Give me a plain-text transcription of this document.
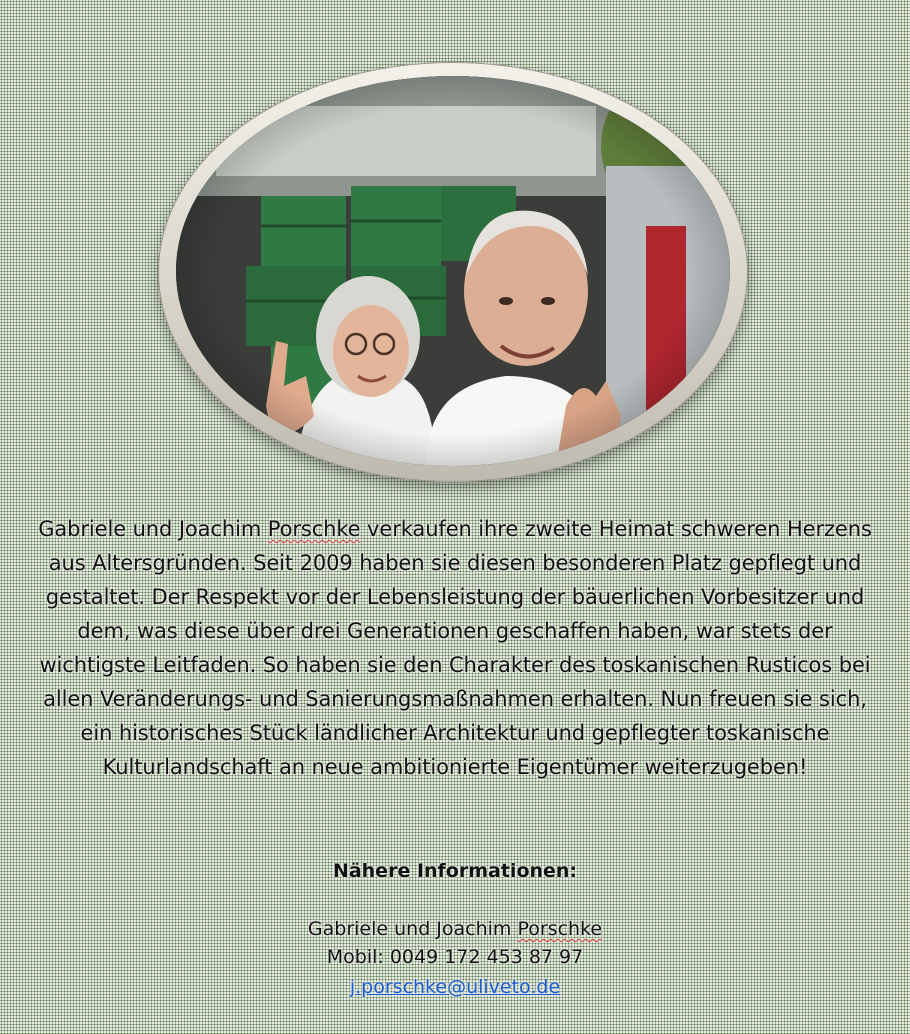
Gabriele und Joachim Porschke verkaufen ihre zweite Heimat schweren Herzens aus Altersgründen. Seit 2009 haben sie diesen besonderen Platz gepflegt und gestaltet. Der Respekt vor der Lebensleistung der bäuerlichen Vorbesitzer und dem, was diese über drei Generationen geschaffen haben, war stets der wichtigste Leitfaden. So haben sie den Charakter des toskanischen Rusticos bei allen Veränderungs- und Sanierungsmaßnahmen erhalten. Nun freuen sie sich, ein historisches Stück ländlicher Architektur und gepflegter toskanische Kulturlandschaft an neue ambitionierte Eigentümer weiterzugeben!

Nähere Informationen:
Gabriele und Joachim Porschke
Mobil: 0049 172 453 87 97
j.porschke@uliveto.de
